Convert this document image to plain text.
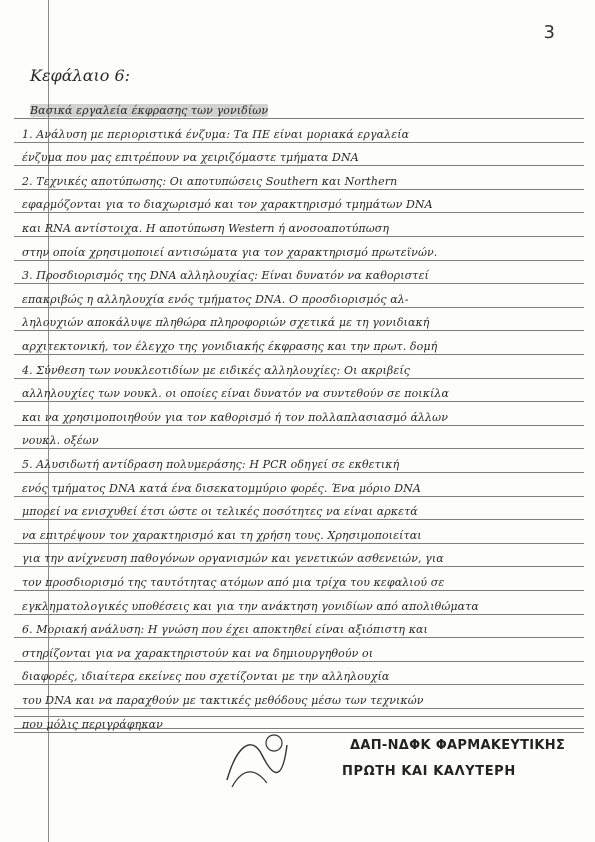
3
Κεφάλαιο 6:
Βασικά εργαλεία έκφρασης των γονιδίων
1. Ανάλυση με περιοριστικά ένζυμα: Τα ΠΕ είναι μοριακά εργαλεία
ένζυμα που μας επιτρέπουν να χειριζόμαστε τμήματα DNA
2. Τεχνικές αποτύπωσης: Οι αποτυπώσεις Southern και Northern
εφαρμόζονται για το διαχωρισμό και τον χαρακτηρισμό τμημάτων DNA
και RNA αντίστοιχα. Η αποτύπωση Western ή ανοσοαποτύπωση
στην οποία χρησιμοποιεί αντισώματα για τον χαρακτηρισμό πρωτεϊνών.
3. Προσδιορισμός της DNA αλληλουχίας: Είναι δυνατόν να καθοριστεί
επακριβώς η αλληλουχία ενός τμήματος DNA. Ο προσδιορισμός αλ-
ληλουχιών αποκάλυψε πληθώρα πληροφοριών σχετικά με τη γονιδιακή
αρχιτεκτονική, τον έλεγχο της γονιδιακής έκφρασης και την πρωτ. δομή
4. Σύνθεση των νουκλεοτιδίων με ειδικές αλληλουχίες: Οι ακριβείς
αλληλουχίες των νουκλ. οι οποίες είναι δυνατόν να συντεθούν σε ποικίλα
και να χρησιμοποιηθούν για τον καθορισμό ή τον πολλαπλασιασμό άλλων
νουκλ. οξέων
5. Αλυσιδωτή αντίδραση πολυμεράσης: Η PCR οδηγεί σε εκθετική
ενός τμήματος DNA κατά ένα δισεκατομμύριο φορές. Ένα μόριο DNA
μπορεί να ενισχυθεί έτσι ώστε οι τελικές ποσότητες να είναι αρκετά
να επιτρέψουν τον χαρακτηρισμό και τη χρήση τους. Χρησιμοποιείται
για την ανίχνευση παθογόνων οργανισμών και γενετικών ασθενειών, για
τον προσδιορισμό της ταυτότητας ατόμων από μια τρίχα του κεφαλιού σε
εγκληματολογικές υποθέσεις και για την ανάκτηση γονιδίων από απολιθώματα
6. Μοριακή ανάλυση: Η γνώση που έχει αποκτηθεί είναι αξιόπιστη και
στηρίζονται για να χαρακτηριστούν και να δημιουργηθούν οι
διαφορές, ιδιαίτερα εκείνες που σχετίζονται με την αλληλουχία
του DNA και να παραχθούν με τακτικές μεθόδους μέσω των τεχνικών
που μόλις περιγράφηκαν
ΔΑΠ-ΝΔΦΚ ΦΑΡΜΑΚΕΥΤΙΚΗΣ
ΠΡΩΤΗ ΚΑΙ ΚΑΛΥΤΕΡΗ
